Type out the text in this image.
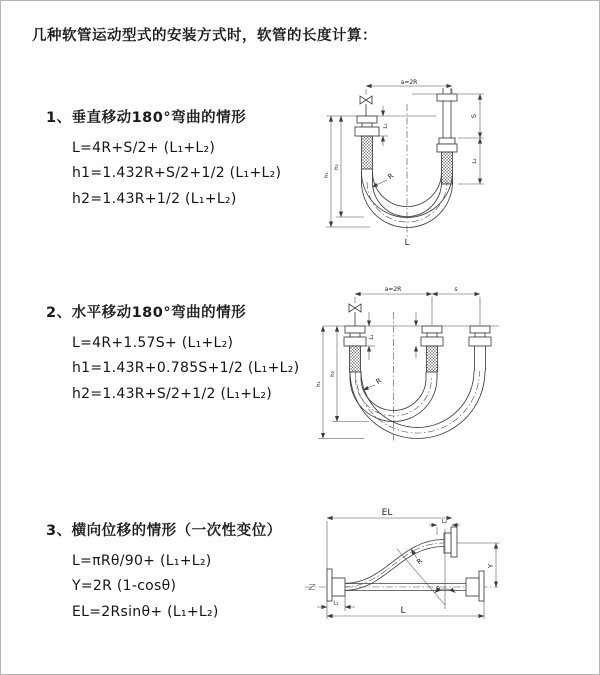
几种软管运动型式的安装方式时，软管的长度计算：
1、垂直移动180°弯曲的情形
L=4R+S/2+ (L₁+L₂)
h1=1.432R+S/2+1/2 (L₁+L₂)
h2=1.43R+1/2 (L₁+L₂)
2、水平移动180°弯曲的情形
L=4R+1.57S+ (L₁+L₂)
h1=1.43R+0.785S+1/2 (L₁+L₂)
h2=1.43R+S/2+1/2 (L₁+L₂)
3、横向位移的情形（一次性变位）
L=πRθ/90+ (L₁+L₂)
Y=2R (1-cosθ)
EL=2Rsinθ+ (L₁+L₂)
a=2R
h₁
h₂
L₁
R
L
S
L₂
a=2R	s
h₂
h₁
L₁
R
EL
L₂
Y
R
θ
L
L₁
